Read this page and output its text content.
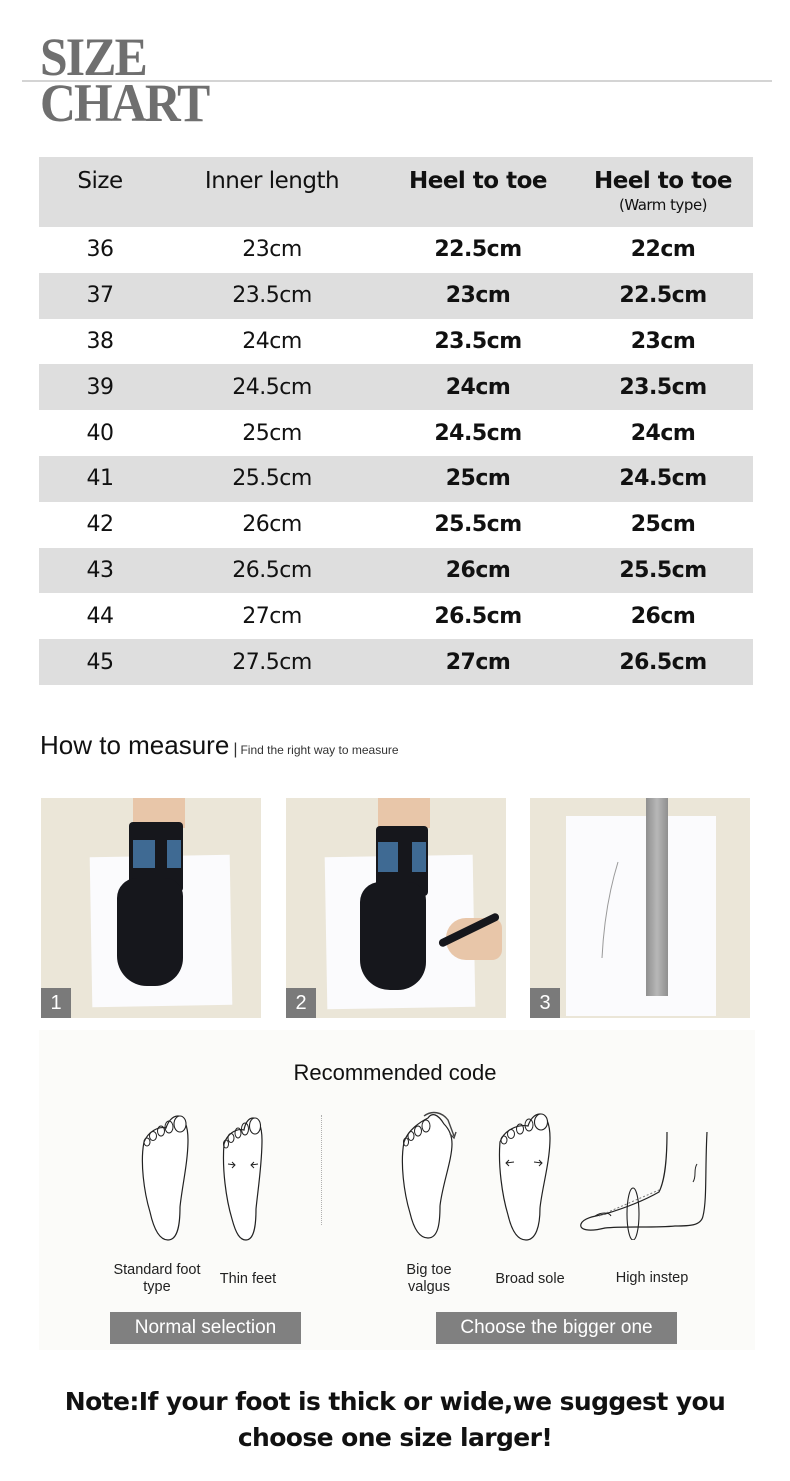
SIZE
CHART
Size	Inner length	Heel to toe	Heel to toe
(Warm type)

36	23cm	22.5cm	22cm
37	23.5cm	23cm	22.5cm
38	24cm	23.5cm	23cm
39	24.5cm	24cm	23.5cm
40	25cm	24.5cm	24cm
41	25.5cm	25cm	24.5cm
42	26cm	25.5cm	25cm
43	26.5cm	26cm	25.5cm
44	27cm	26.5cm	26cm
45	27.5cm	27cm	26.5cm
How to measure | Find the right way to measure
1	2	3
Recommended code
Standard foot
type	Thin feet
Normal selection
Big toe
valgus	Broad sole	High instep
Choose the bigger one
Note:If your foot is thick or wide,we suggest you
choose one size larger!
